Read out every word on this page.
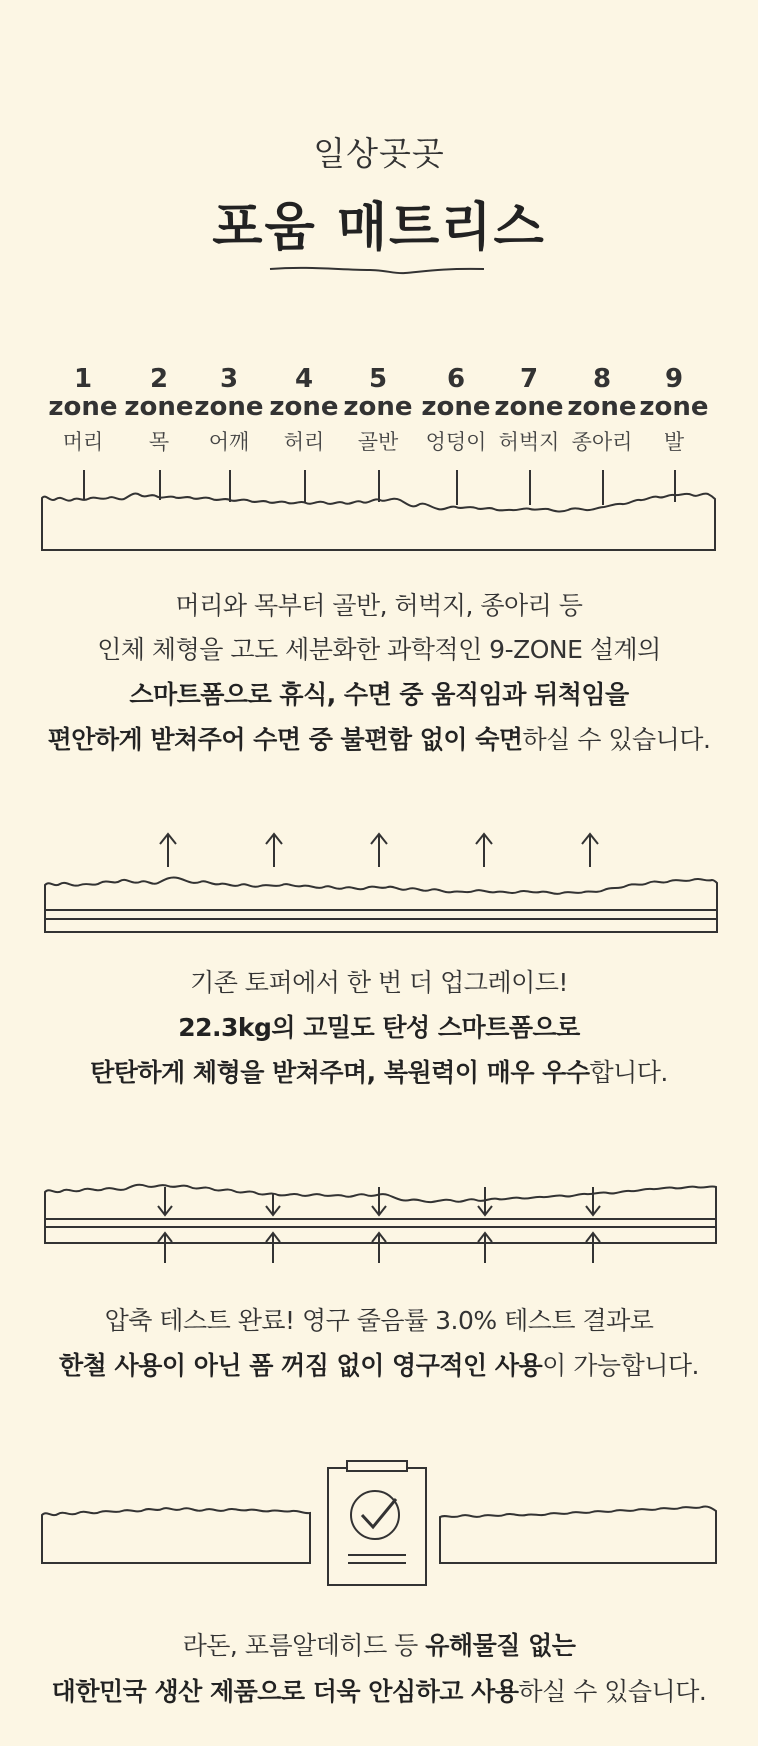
일상곳곳
포움 매트리스
1
zone
머리
2
zone
목
3
zone
어깨
4
zone
허리
5
zone
골반
6
zone
엉덩이
7
zone
허벅지
8
zone
종아리
9
zone
발
머리와 목부터 골반, 허벅지, 종아리 등
인체 체형을 고도 세분화한 과학적인 9-ZONE 설계의
스마트폼으로 휴식, 수면 중 움직임과 뒤척임을
편안하게 받쳐주어 수면 중 불편함 없이 숙면하실 수 있습니다.
기존 토퍼에서 한 번 더 업그레이드!
22.3kg의 고밀도 탄성 스마트폼으로
탄탄하게 체형을 받쳐주며, 복원력이 매우 우수합니다.
압축 테스트 완료! 영구 줄음률 3.0% 테스트 결과로
한철 사용이 아닌 폼 꺼짐 없이 영구적인 사용이 가능합니다.
라돈, 포름알데히드 등 유해물질 없는
대한민국 생산 제품으로 더욱 안심하고 사용하실 수 있습니다.
